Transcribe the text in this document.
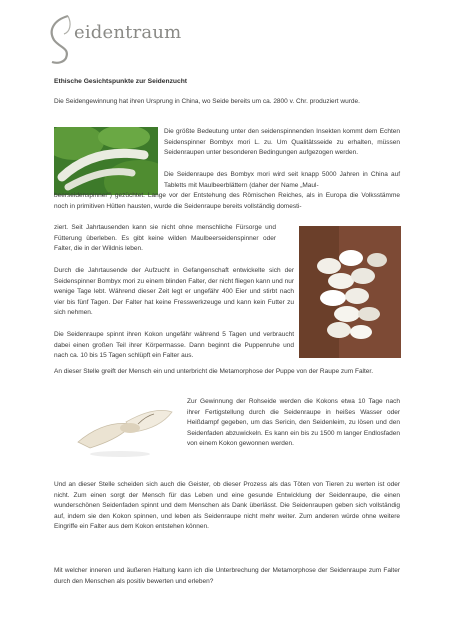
eidentraum
Ethische Gesichtspunkte zur Seidenzucht

Die Seidengewinnung hat ihren Ursprung in China, wo Seide bereits um ca. 2800 v. Chr. produziert wurde.

Die größte Bedeutung unter den seidenspinnenden Insekten kommt dem Echten Seidenspinner Bombyx mori L. zu. Um Qualitätsseide zu erhalten, müssen Seidenraupen unter besonderen Bedingungen aufgezogen werden.

Die Seidenraupe des Bombyx mori wird seit knapp 5000 Jahren in China auf Tabletts mit Maulbeerblättern (daher der Name „Maul-

beerseidenspinner") gezüchtet. Lange vor der Entstehung des Römischen Reiches, als in Europa die Volksstämme noch in primitiven Hütten hausten, wurde die Seidenraupe bereits vollständig domesti-

ziert. Seit Jahrtausenden kann sie nicht ohne menschliche Fürsorge und Fütterung überleben. Es gibt keine wilden Maulbeerseidenspinner oder Falter, die in der Wildnis leben.

Durch die Jahrtausende der Aufzucht in Gefangenschaft entwickelte sich der Seidenspinner Bombyx mori zu einem blinden Falter, der nicht fliegen kann und nur wenige Tage lebt. Während dieser Zeit legt er ungefähr 400 Eier und stirbt nach vier bis fünf Tagen. Der Falter hat keine Fresswerkzeuge und kann kein Futter zu sich nehmen.

Die Seidenraupe spinnt ihren Kokon ungefähr während 5 Tagen und verbraucht dabei einen großen Teil ihrer Körpermasse. Dann beginnt die Puppenruhe und nach ca. 10 bis 15 Tagen schlüpft ein Falter aus.

An dieser Stelle greift der Mensch ein und unterbricht die Metamorphose der Puppe von der Raupe zum Falter.

Zur Gewinnung der Rohseide werden die Kokons etwa 10 Tage nach ihrer Fertigstellung durch die Seidenraupe in heißes Wasser oder Heißdampf gegeben, um das Sericin, den Seidenleim, zu lösen und den Seidenfaden abzuwickeln. Es kann ein bis zu 1500 m langer Endlosfaden von einem Kokon gewonnen werden.

Und an dieser Stelle scheiden sich auch die Geister, ob dieser Prozess als das Töten von Tieren zu werten ist oder nicht. Zum einen sorgt der Mensch für das Leben und eine gesunde Entwicklung der Seidenraupe, die einen wunderschönen Seidenfaden spinnt und dem Menschen als Dank überlässt. Die Seidenraupen geben sich vollständig auf, indem sie den Kokon spinnen, und leben als Seidenraupe nicht mehr weiter. Zum anderen würde ohne weitere Eingriffe ein Falter aus dem Kokon entstehen können.

Mit welcher inneren und äußeren Haltung kann ich die Unterbrechung der Metamorphose der Seidenraupe zum Falter durch den Menschen als positiv bewerten und erleben?
